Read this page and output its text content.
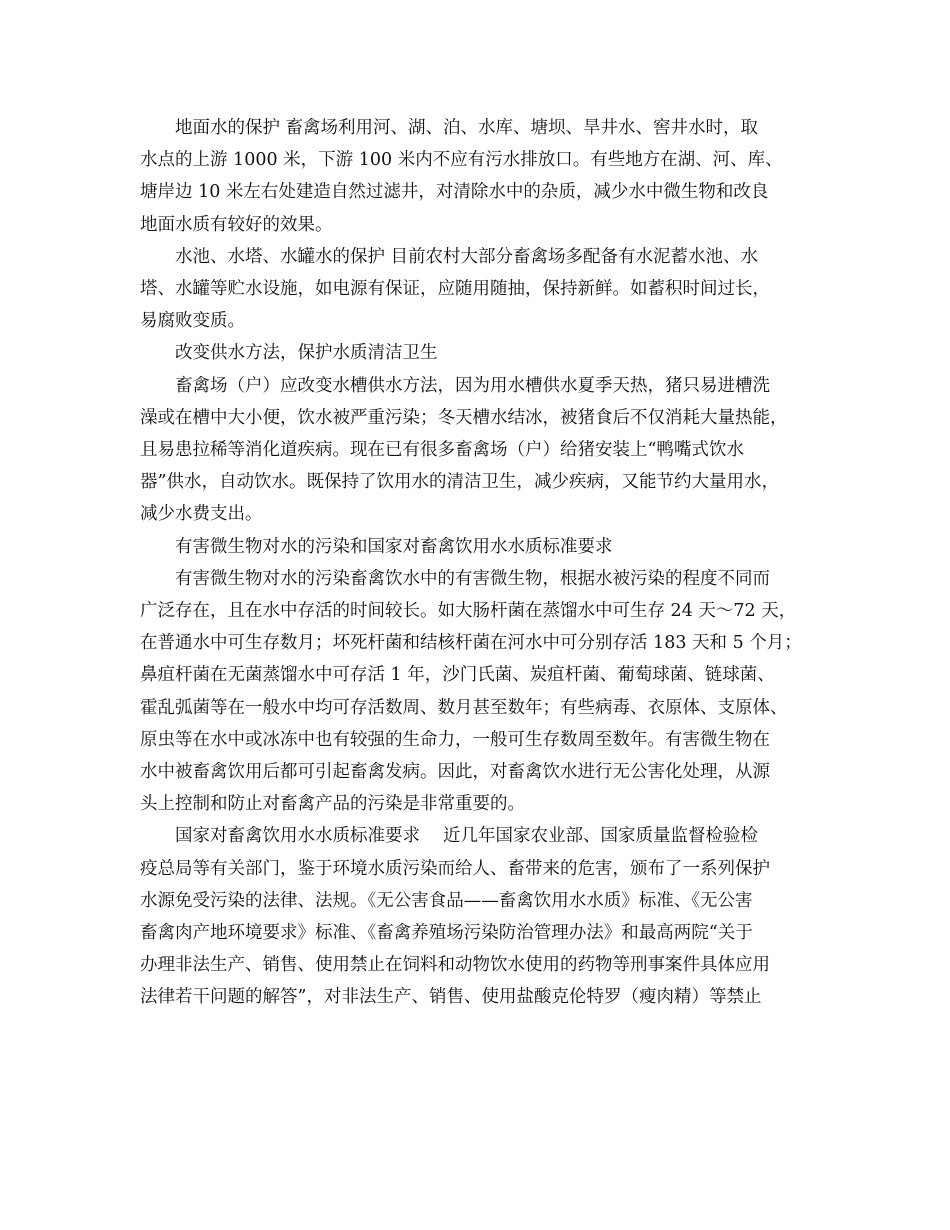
地面水的保护 畜禽场利用河、湖、泊、水库、塘坝、旱井水、窖井水时，取
水点的上游 1000 米，下游 100 米内不应有污水排放口。有些地方在湖、河、库、
塘岸边 10 米左右处建造自然过滤井，对清除水中的杂质，减少水中微生物和改良
地面水质有较好的效果。

水池、水塔、水罐水的保护 目前农村大部分畜禽场多配备有水泥蓄水池、水
塔、水罐等贮水设施，如电源有保证，应随用随抽，保持新鲜。如蓄积时间过长，
易腐败变质。

改变供水方法，保护水质清洁卫生

畜禽场（户）应改变水槽供水方法，因为用水槽供水夏季天热，猪只易进槽洗
澡或在槽中大小便，饮水被严重污染；冬天槽水结冰，被猪食后不仅消耗大量热能，
且易患拉稀等消化道疾病。现在已有很多畜禽场（户）给猪安装上“鸭嘴式饮水
器”供水，自动饮水。既保持了饮用水的清洁卫生，减少疾病，又能节约大量用水，
减少水费支出。

有害微生物对水的污染和国家对畜禽饮用水水质标准要求

有害微生物对水的污染畜禽饮水中的有害微生物，根据水被污染的程度不同而
广泛存在，且在水中存活的时间较长。如大肠杆菌在蒸馏水中可生存 24 天～72 天，
在普通水中可生存数月；坏死杆菌和结核杆菌在河水中可分别存活 183 天和 5 个月；
鼻疽杆菌在无菌蒸馏水中可存活 1 年，沙门氏菌、炭疽杆菌、葡萄球菌、链球菌、
霍乱弧菌等在一般水中均可存活数周、数月甚至数年；有些病毒、衣原体、支原体、
原虫等在水中或冰冻中也有较强的生命力，一般可生存数周至数年。有害微生物在
水中被畜禽饮用后都可引起畜禽发病。因此，对畜禽饮水进行无公害化处理，从源
头上控制和防止对畜禽产品的污染是非常重要的。

国家对畜禽饮用水水质标准要求　 近几年国家农业部、国家质量监督检验检
疫总局等有关部门，鉴于环境水质污染而给人、畜带来的危害，颁布了一系列保护
水源免受污染的法律、法规。《无公害食品——畜禽饮用水水质》标准、《无公害
畜禽肉产地环境要求》标准、《畜禽养殖场污染防治管理办法》和最高两院“关于
办理非法生产、销售、使用禁止在饲料和动物饮水使用的药物等刑事案件具体应用
法律若干问题的解答”，对非法生产、销售、使用盐酸克伦特罗（瘦肉精）等禁止
